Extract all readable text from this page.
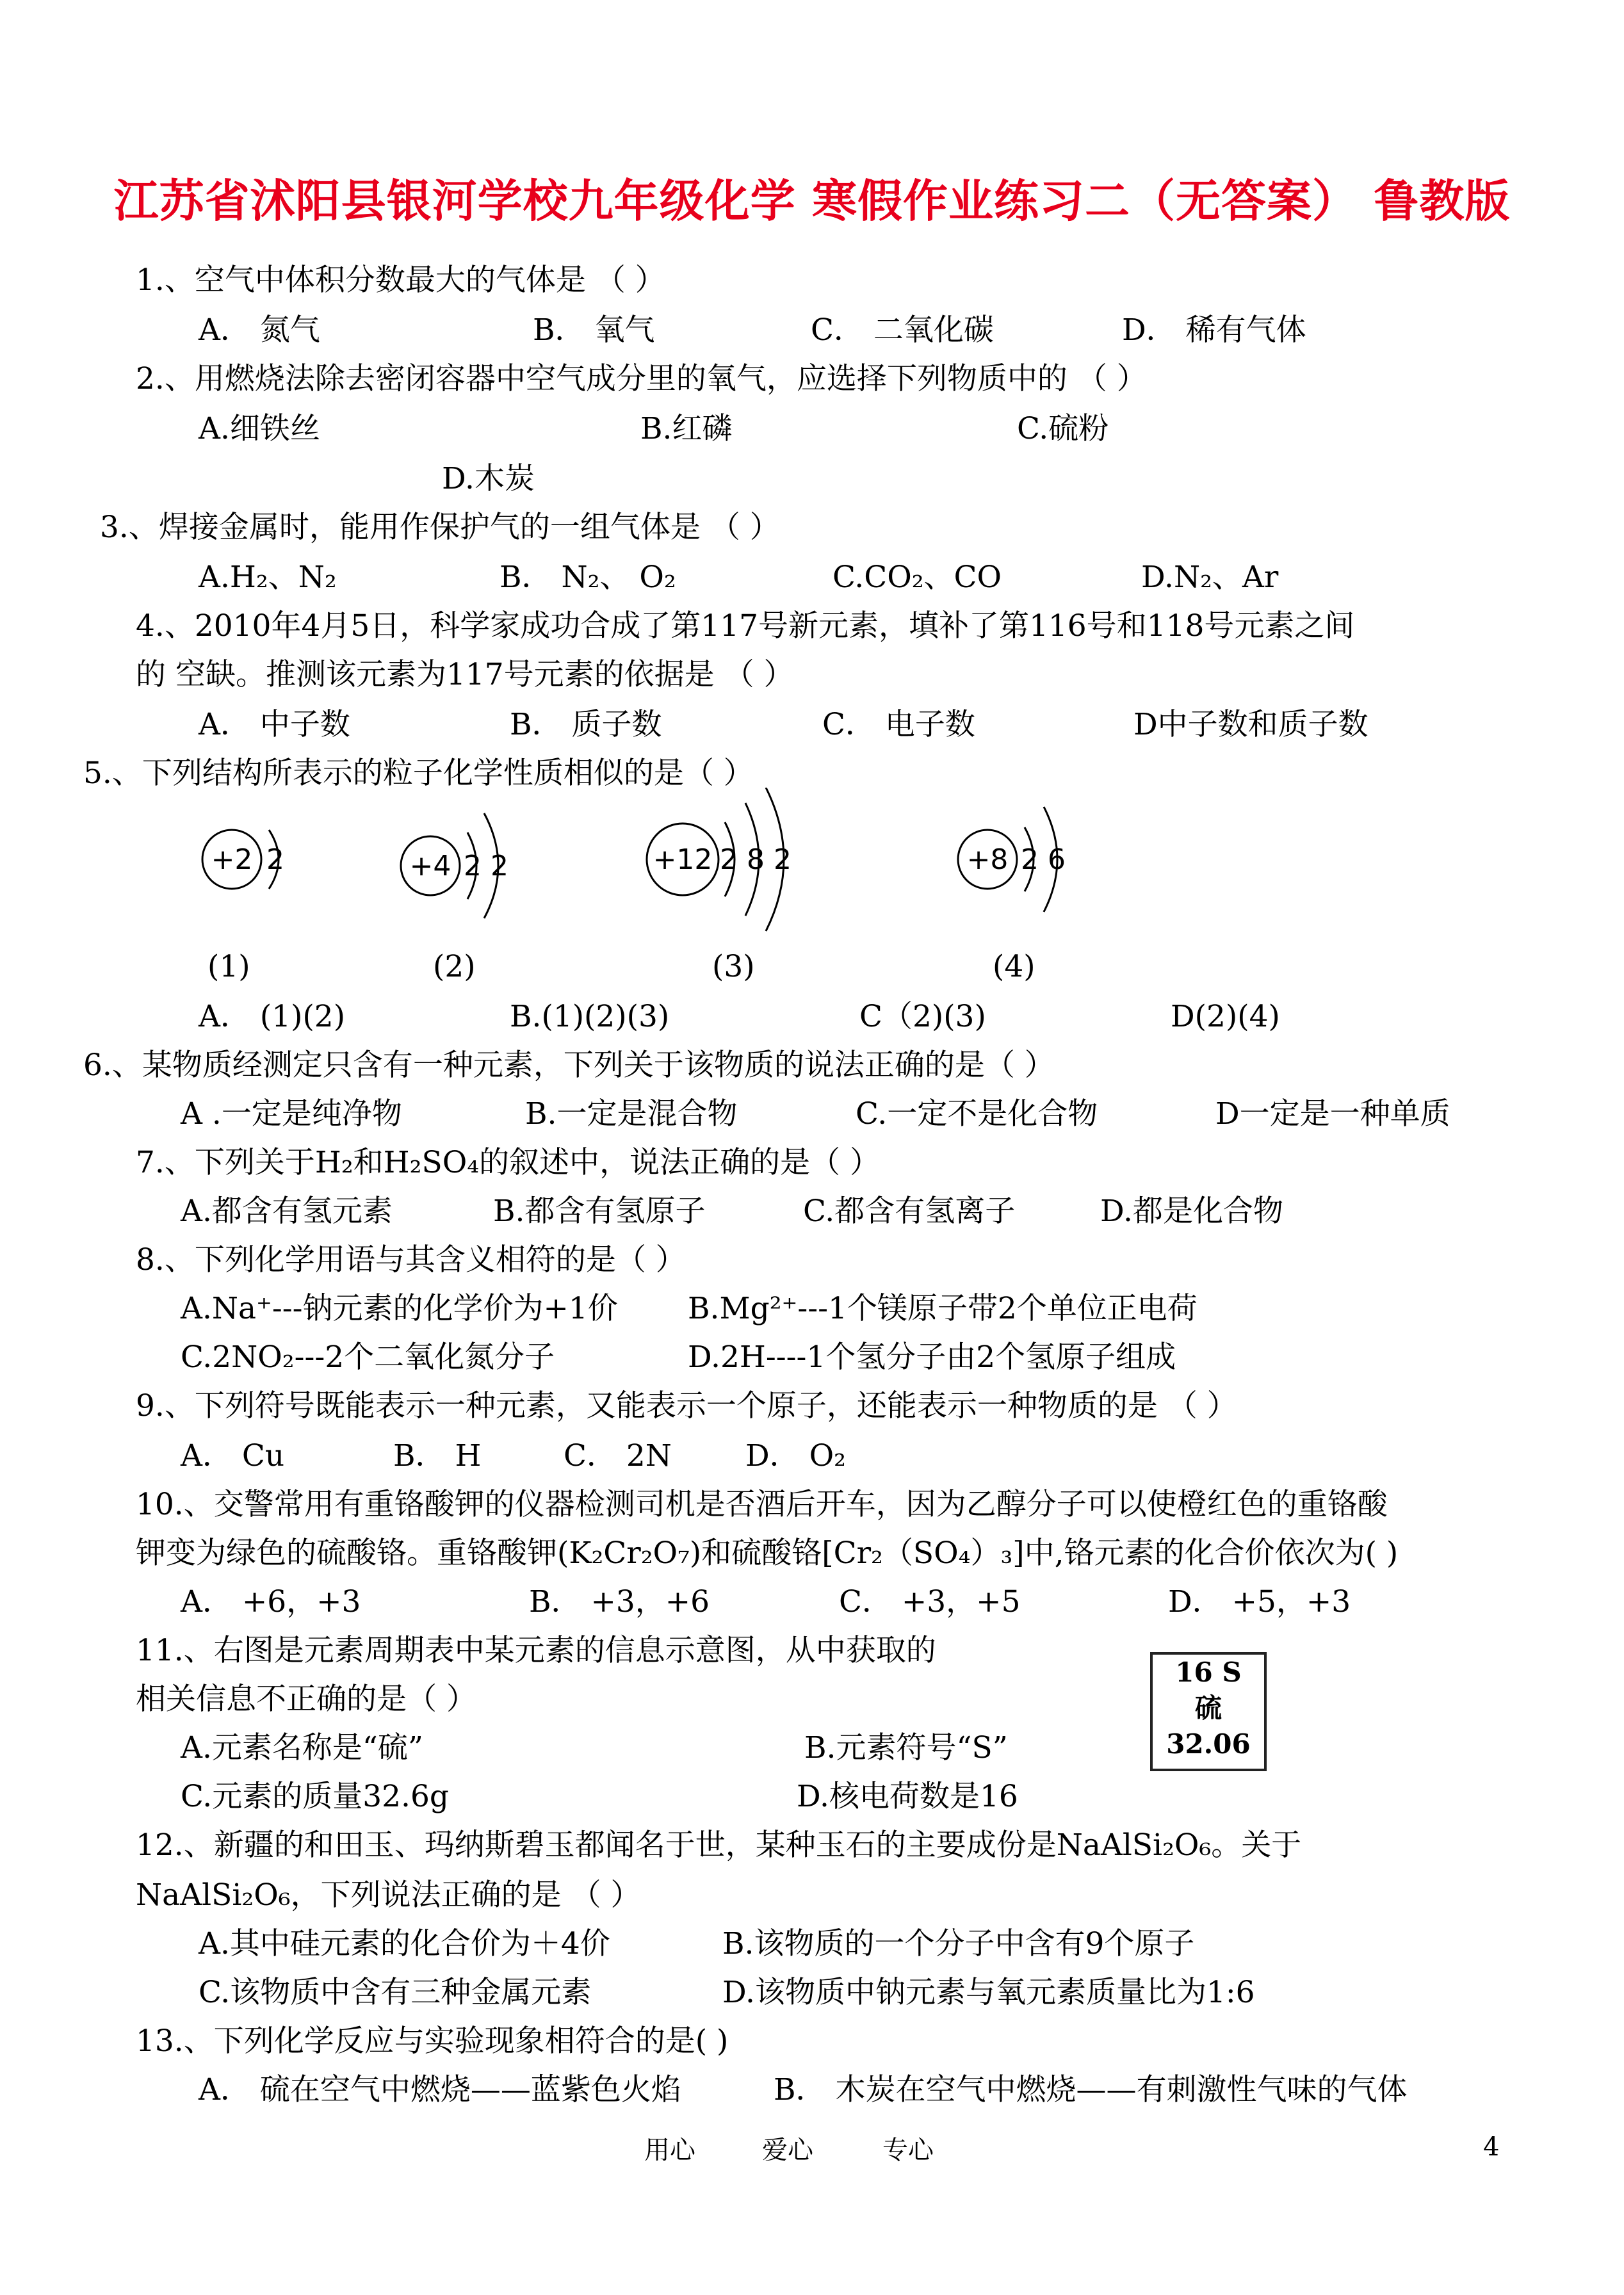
江苏省沭阳县银河学校九年级化学 寒假作业练习二（无答案） 鲁教版
1.、空气中体积分数最大的气体是 （ ）
A． 氮气	B． 氧气	C． 二氧化碳	D． 稀有气体
2.、用燃烧法除去密闭容器中空气成分里的氧气，应选择下列物质中的 （ ）
A.细铁丝	B.红磷	C.硫粉
D.木炭
3.、焊接金属时，能用作保护气的一组气体是 （ ）
A.H₂、N₂	B． N₂、 O₂	C.CO₂、CO	D.N₂、Ar
4.、2010年4月5日，科学家成功合成了第117号新元素，填补了第116号和118号元素之间
的 空缺。推测该元素为117号元素的依据是 （ ）
A． 中子数	B． 质子数	C． 电子数	D中子数和质子数
5.、下列结构所表示的粒子化学性质相似的是（ ）
+2 2	+4 2 2	+12 2 8 2	+8 2 6
(1)	(2)	(3)	(4)
A． (1)(2)	B.(1)(2)(3)	C（2)(3)	D(2)(4)
6.、某物质经测定只含有一种元素，下列关于该物质的说法正确的是（ ）
A .一定是纯净物	B.一定是混合物	C.一定不是化合物	D一定是一种单质
7.、下列关于H₂和H₂SO₄的叙述中，说法正确的是（ ）
A.都含有氢元素	B.都含有氢原子	C.都含有氢离子	D.都是化合物
8.、下列化学用语与其含义相符的是（ ）
A.Na⁺---钠元素的化学价为+1价 B.Mg²⁺---1个镁原子带2个单位正电荷
C.2NO₂---2个二氧化氮分子	D.2H----1个氢分子由2个氢原子组成
9.、下列符号既能表示一种元素，又能表示一个原子，还能表示一种物质的是 （ ）
A． Cu	B． H	C． 2N D． O₂
10.、交警常用有重铬酸钾的仪器检测司机是否酒后开车，因为乙醇分子可以使橙红色的重铬酸
钾变为绿色的硫酸铬。重铬酸钾(K₂Cr₂O₇)和硫酸铬[Cr₂（SO₄）₃]中,铬元素的化合价依次为( )
A． +6，+3	B． +3，+6	C． +3，+5	D． +5，+3
11.、右图是元素周期表中某元素的信息示意图，从中获取的
相关信息不正确的是（ ）
16 S
硫
32.06
A.元素名称是“硫”	B.元素符号“S”
C.元素的质量32.6g	D.核电荷数是16
12.、新疆的和田玉、玛纳斯碧玉都闻名于世，某种玉石的主要成份是NaAlSi₂O₆。关于
NaAlSi₂O₆，下列说法正确的是 （ ）
A.其中硅元素的化合价为＋4价	B.该物质的一个分子中含有9个原子
C.该物质中含有三种金属元素	D.该物质中钠元素与氧元素质量比为1:6
13.、下列化学反应与实验现象相符合的是( )
A． 硫在空气中燃烧——蓝紫色火焰	B． 木炭在空气中燃烧——有刺激性气味的气体
用心	爱心	专心	4
